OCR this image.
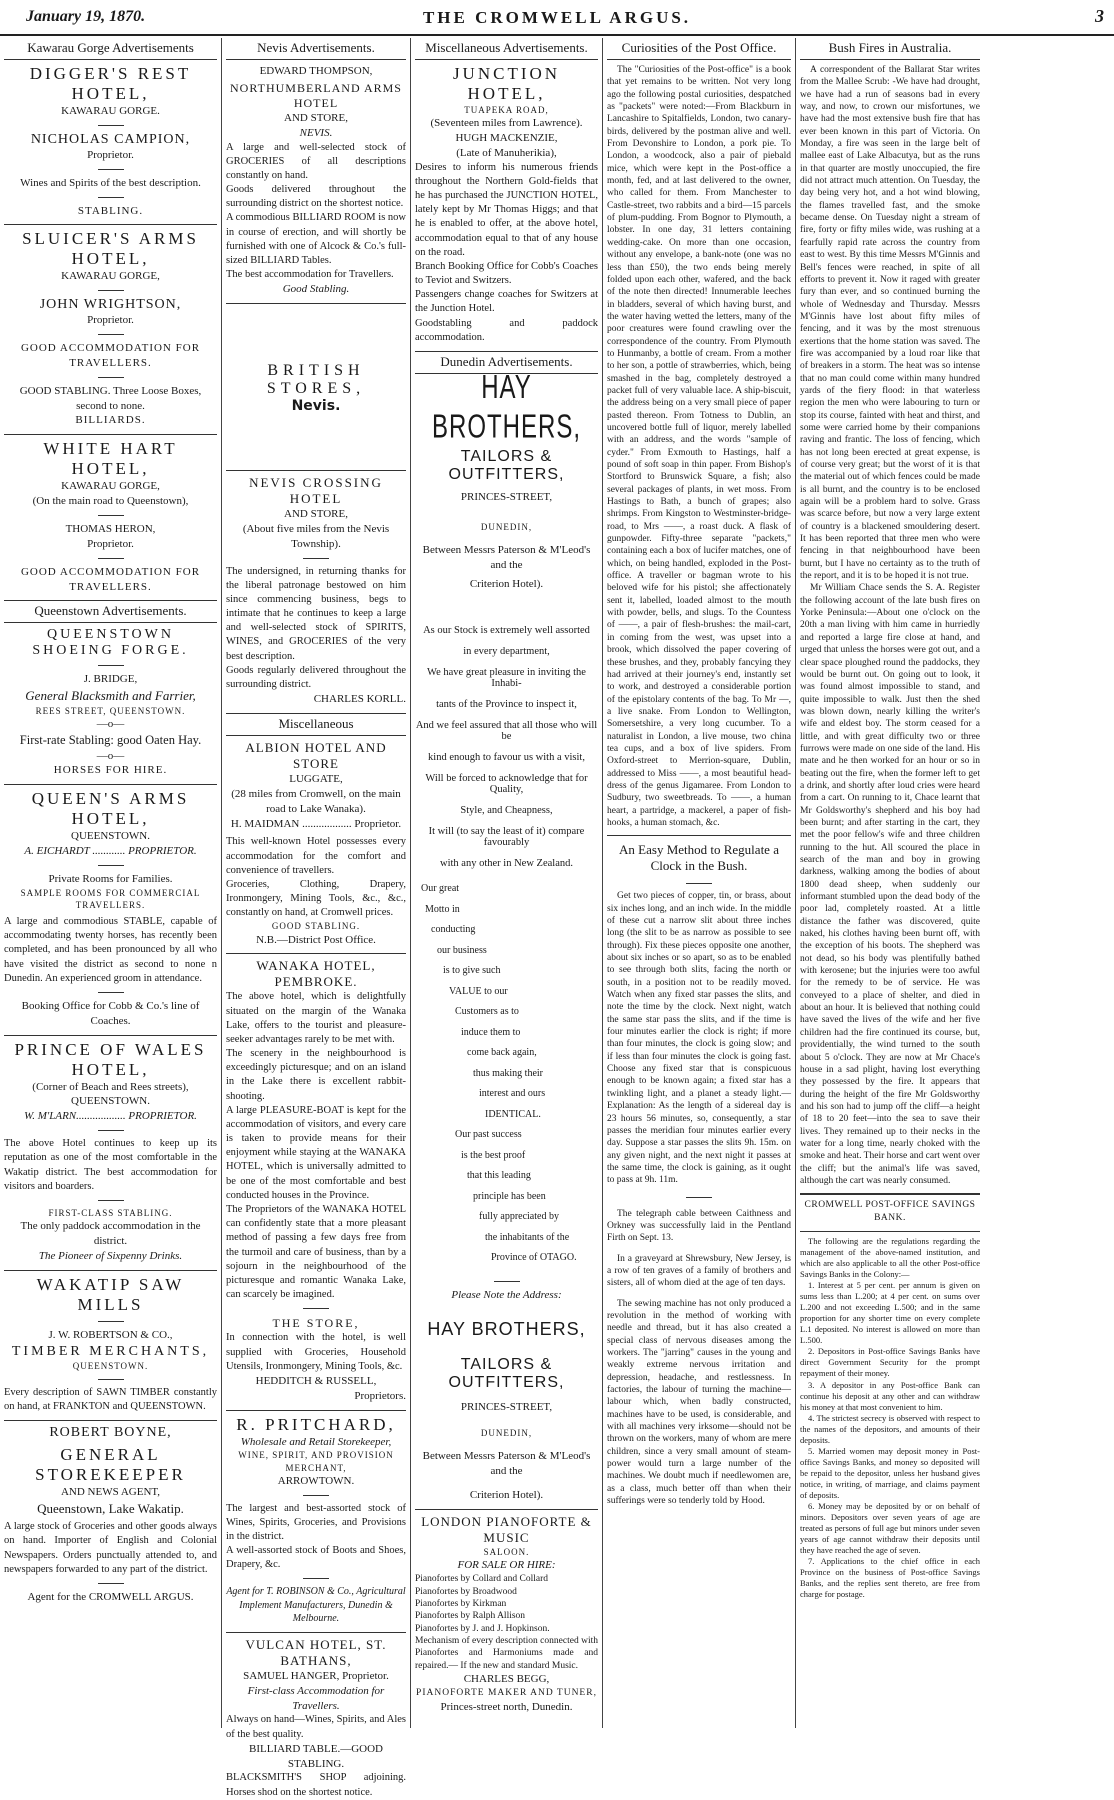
January 19, 1870.	THE CROMWELL ARGUS.	3
Kawarau Gorge Advertisements
DIGGER'S REST HOTEL,
KAWARAU GORGE.
NICHOLAS CAMPION,
Proprietor.
Wines and Spirits of the best description.
STABLING.
SLUICER'S ARMS HOTEL,
KAWARAU GORGE,
JOHN WRIGHTSON,
Proprietor.
GOOD ACCOMMODATION FOR TRAVELLERS.
GOOD STABLING. Three Loose Boxes, second to none.
BILLIARDS.
WHITE HART HOTEL,
KAWARAU GORGE,
(On the main road to Queenstown),
THOMAS HERON,
Proprietor.
GOOD ACCOMMODATION FOR TRAVELLERS.
Queenstown Advertisements.
QUEENSTOWN SHOEING FORGE.
J. BRIDGE,
General Blacksmith and Farrier,
REES STREET, QUEENSTOWN.
—o—
First-rate Stabling: good Oaten Hay.
—o—
HORSES FOR HIRE.
QUEEN'S ARMS HOTEL,
QUEENSTOWN.
A. EICHARDT ............ PROPRIETOR.
Private Rooms for Families.
SAMPLE ROOMS FOR COMMERCIAL TRAVELLERS.
A large and commodious STABLE, capable of accommodating twenty horses, has recently been completed, and has been pronounced by all who have visited the district as second to none n Dunedin. An experienced groom in attendance.
Booking Office for Cobb & Co.'s line of Coaches.
PRINCE OF WALES HOTEL,
(Corner of Beach and Rees streets),
QUEENSTOWN.
W. M'LARN.................. PROPRIETOR.
The above Hotel continues to keep up its reputation as one of the most comfortable in the Wakatip district. The best accommodation for visitors and boarders.
FIRST-CLASS STABLING.
The only paddock accommodation in the district.
The Pioneer of Sixpenny Drinks.
WAKATIP SAW MILLS
J. W. ROBERTSON & CO.,
TIMBER MERCHANTS,
QUEENSTOWN.
Every description of SAWN TIMBER constantly on hand, at FRANKTON and QUEENSTOWN.
ROBERT BOYNE,
GENERAL STOREKEEPER
AND NEWS AGENT,
Queenstown, Lake Wakatip.
A large stock of Groceries and other goods always on hand. Importer of English and Colonial Newspapers. Orders punctually attended to, and newspapers forwarded to any part of the district.
Agent for the CROMWELL ARGUS.
Nevis Advertisements.
EDWARD THOMPSON,
NORTHUMBERLAND ARMS HOTEL
AND STORE,
NEVIS.
A large and well-selected stock of GROCERIES of all descriptions constantly on hand.
Goods delivered throughout the surrounding district on the shortest notice.
A commodious BILLIARD ROOM is now in course of erection, and will shortly be furnished with one of Alcock & Co.'s full-sized BILLIARD Tables.
The best accommodation for Travellers.
Good Stabling.
BRITISH STORES,
Nevis.
NEVIS CROSSING HOTEL
AND STORE,
(About five miles from the Nevis Township).
The undersigned, in returning thanks for the liberal patronage bestowed on him since commencing business, begs to intimate that he continues to keep a large and well-selected stock of SPIRITS, WINES, and GROCERIES of the very best description.
Goods regularly delivered throughout the surrounding district.
CHARLES KORLL.
Miscellaneous
ALBION HOTEL AND STORE
LUGGATE,
(28 miles from Cromwell, on the main road to Lake Wanaka).
H. MAIDMAN .................. Proprietor.
This well-known Hotel possesses every accommodation for the comfort and convenience of travellers.
Groceries, Clothing, Drapery, Ironmongery, Mining Tools, &c., &c., constantly on hand, at Cromwell prices.
GOOD STABLING.
N.B.—District Post Office.
WANAKA HOTEL, PEMBROKE.
The above hotel, which is delightfully situated on the margin of the Wanaka Lake, offers to the tourist and pleasure-seeker advantages rarely to be met with.
The scenery in the neighbourhood is exceedingly picturesque; and on an island in the Lake there is excellent rabbit-shooting.
A large PLEASURE-BOAT is kept for the accommodation of visitors, and every care is taken to provide means for their enjoyment while staying at the WANAKA HOTEL, which is universally admitted to be one of the most comfortable and best conducted houses in the Province.
The Proprietors of the WANAKA HOTEL can confidently state that a more pleasant method of passing a few days free from the turmoil and care of business, than by a sojourn in the neighbourhood of the picturesque and romantic Wanaka Lake, can scarcely be imagined.
THE STORE,
In connection with the hotel, is well supplied with Groceries, Household Utensils, Ironmongery, Mining Tools, &c.
HEDDITCH & RUSSELL,
Proprietors.
R. PRITCHARD,
Wholesale and Retail Storekeeper,
WINE, SPIRIT, AND PROVISION MERCHANT,
ARROWTOWN.
The largest and best-assorted stock of Wines, Spirits, Groceries, and Provisions in the district.
A well-assorted stock of Boots and Shoes, Drapery, &c.
Agent for T. ROBINSON & Co., Agricultural Implement Manufacturers, Dunedin & Melbourne.
VULCAN HOTEL, ST. BATHANS,
SAMUEL HANGER, Proprietor.
First-class Accommodation for Travellers.
Always on hand—Wines, Spirits, and Ales of the best quality.
BILLIARD TABLE.—GOOD STABLING.
BLACKSMITH'S SHOP adjoining. Horses shod on the shortest notice.
Miscellaneous Advertisements.
JUNCTION HOTEL,
TUAPEKA ROAD,
(Seventeen miles from Lawrence).
HUGH MACKENZIE,
(Late of Manuherikia),
Desires to inform his numerous friends throughout the Northern Gold-fields that he has purchased the JUNCTION HOTEL, lately kept by Mr Thomas Higgs; and that he is enabled to offer, at the above hotel, accommodation equal to that of any house on the road.
Branch Booking Office for Cobb's Coaches to Teviot and Switzers.
Passengers change coaches for Switzers at the Junction Hotel.
Goodstabling and paddock accommodation.
Dunedin Advertisements.
HAY BROTHERS,
TAILORS & OUTFITTERS,
PRINCES-STREET,
DUNEDIN,
Between Messrs Paterson & M'Leod's and the
Criterion Hotel).
As our Stock is extremely well assorted
in every department,
We have great pleasure in inviting the Inhabi-
tants of the Province to inspect it,
And we feel assured that all those who will be
kind enough to favour us with a visit,
Will be forced to acknowledge that for Quality,
Style, and Cheapness,
It will (to say the least of it) compare favourably
with any other in New Zealand.
Our great
Motto in
conducting
our business
is to give such
VALUE to our
Customers as to
induce them to
come back again,
thus making their
interest and ours
IDENTICAL.
Our past success
is the best proof
that this leading
principle has been
fully appreciated by
the inhabitants of the
Province of OTAGO.
Please Note the Address:
HAY BROTHERS,
TAILORS & OUTFITTERS,
PRINCES-STREET,
DUNEDIN,
Between Messrs Paterson & M'Leod's and the
Criterion Hotel).
LONDON PIANOFORTE & MUSIC
SALOON.
FOR SALE OR HIRE:
Pianofortes by Collard and Collard
Pianofortes by Broadwood
Pianofortes by Kirkman
Pianofortes by Ralph Allison
Pianofortes by J. and J. Hopkinson.
Mechanism of every description connected with Pianofortes and Harmoniums made and repaired.— If the new and standard Music.
CHARLES BEGG,
PIANOFORTE MAKER AND TUNER,
Princes-street north, Dunedin.
Curiosities of the Post Office.

The "Curiosities of the Post-office" is a book that yet remains to be written. Not very long ago the following postal curiosities, despatched as "packets" were noted:—From Blackburn in Lancashire to Spitalfields, London, two canary-birds, delivered by the postman alive and well. From Devonshire to London, a pork pie. To London, a woodcock, also a pair of piebald mice, which were kept in the Post-office a month, fed, and at last delivered to the owner, who called for them. From Manchester to Castle-street, two rabbits and a bird—15 parcels of plum-pudding. From Bognor to Plymouth, a lobster. In one day, 31 letters containing wedding-cake. On more than one occasion, without any envelope, a bank-note (one was no less than £50), the two ends being merely folded upon each other, wafered, and the back of the note then directed! Innumerable leeches in bladders, several of which having burst, and the water having wetted the letters, many of the poor creatures were found crawling over the correspondence of the country. From Plymouth to Hunmanby, a bottle of cream. From a mother to her son, a pottle of strawberries, which, being smashed in the bag, completely destroyed a packet full of very valuable lace. A ship-biscuit, the address being on a very small piece of paper pasted thereon. From Totness to Dublin, an uncovered bottle full of liquor, merely labelled with an address, and the words "sample of cyder." From Exmouth to Hastings, half a pound of soft soap in thin paper. From Bishop's Stortford to Brunswick Square, a fish; also several packages of plants, in wet moss. From Hastings to Bath, a bunch of grapes; also shrimps. From Kingston to Westminster-bridge-road, to Mrs ——, a roast duck. A flask of gunpowder. Fifty-three separate "packets," containing each a box of lucifer matches, one of which, on being handled, exploded in the Post-office. A traveller or bagman wrote to his beloved wife for his pistol; she affectionately sent it, labelled, loaded almost to the mouth with powder, bells, and slugs. To the Countess of ——, a pair of flesh-brushes: the mail-cart, in coming from the west, was upset into a brook, which dissolved the paper covering of these brushes, and they, probably fancying they had arrived at their journey's end, instantly set to work, and destroyed a considerable portion of the epistolary contents of the bag. To Mr —, a live snake. From London to Wellington, Somersetshire, a very long cucumber. To a naturalist in London, a live mouse, two china tea cups, and a box of live spiders. From Oxford-street to Merrion-square, Dublin, addressed to Miss ——, a most beautiful head-dress of the genus Jigamaree. From London to Sudbury, two sweetbreads. To ——, a human heart, a partridge, a mackerel, a paper of fish-hooks, a human stomach, &c.

An Easy Method to Regulate a Clock in the Bush.

Get two pieces of copper, tin, or brass, about six inches long, and an inch wide. In the middle of these cut a narrow slit about three inches long (the slit to be as narrow as possible to see through). Fix these pieces opposite one another, about six inches or so apart, so as to be enabled to see through both slits, facing the north or south, in a position not to be readily moved. Watch when any fixed star passes the slits, and note the time by the clock. Next night, watch the same star pass the slits, and if the time is four minutes earlier the clock is right; if more than four minutes, the clock is going slow; and if less than four minutes the clock is going fast. Choose any fixed star that is conspicuous enough to be known again; a fixed star has a twinkling light, and a planet a steady light.—Explanation: As the length of a sidereal day is 23 hours 56 minutes, so, consequently, a star passes the meridian four minutes earlier every day. Suppose a star passes the slits 9h. 15m. on any given night, and the next night it passes at the same time, the clock is gaining, as it ought to pass at 9h. 11m.

The telegraph cable between Caithness and Orkney was successfully laid in the Pentland Firth on Sept. 13.

In a graveyard at Shrewsbury, New Jersey, is a row of ten graves of a family of brothers and sisters, all of whom died at the age of ten days.

The sewing machine has not only produced a revolution in the method of working with needle and thread, but it has also created a special class of nervous diseases among the workers. The "jarring" causes in the young and weakly extreme nervous irritation and depression, headache, and restlessness. In factories, the labour of turning the machine—labour which, when badly constructed, machines have to be used, is considerable, and with all machines very irksome—should not be thrown on the workers, many of whom are mere children, since a very small amount of steam-power would turn a large number of the machines. We doubt much if needlewomen are, as a class, much better off than when their sufferings were so tenderly told by Hood.

Bush Fires in Australia.

A correspondent of the Ballarat Star writes from the Mallee Scrub: -We have had drought, we have had a run of seasons bad in every way, and now, to crown our misfortunes, we have had the most extensive bush fire that has ever been known in this part of Victoria. On Monday, a fire was seen in the large belt of mallee east of Lake Albacutya, but as the runs in that quarter are mostly unoccupied, the fire did not attract much attention. On Tuesday, the day being very hot, and a hot wind blowing, the flames travelled fast, and the smoke became dense. On Tuesday night a stream of fire, forty or fifty miles wide, was rushing at a fearfully rapid rate across the country from east to west. By this time Messrs M'Ginnis and Bell's fences were reached, in spite of all efforts to prevent it. Now it raged with greater fury than ever, and so continued burning the whole of Wednesday and Thursday. Messrs M'Ginnis have lost about fifty miles of fencing, and it was by the most strenuous exertions that the home station was saved. The fire was accompanied by a loud roar like that of breakers in a storm. The heat was so intense that no man could come within many hundred yards of the fiery flood: in that waterless region the men who were labouring to turn or stop its course, fainted with heat and thirst, and some were carried home by their companions raving and frantic. The loss of fencing, which has not long been erected at great expense, is of course very great; but the worst of it is that the material out of which fences could be made is all burnt, and the country is to be enclosed again will be a problem hard to solve. Grass was scarce before, but now a very large extent of country is a blackened smouldering desert. It has been reported that three men who were fencing in that neighbourhood have been burnt, but I have no certainty as to the truth of the report, and it is to be hoped it is not true.

Mr William Chace sends the S. A. Register the following account of the late bush fires on Yorke Peninsula:—About one o'clock on the 20th a man living with him came in hurriedly and reported a large fire close at hand, and urged that unless the horses were got out, and a clear space ploughed round the paddocks, they would be burnt out. On going out to look, it was found almost impossible to stand, and quite impossible to walk. Just then the shed was blown down, nearly killing the writer's wife and eldest boy. The storm ceased for a little, and with great difficulty two or three furrows were made on one side of the land. His mate and he then worked for an hour or so in beating out the fire, when the former left to get a drink, and shortly after loud cries were heard from a cart. On running to it, Chace learnt that Mr Goldsworthy's shepherd and his boy had been burnt; and after starting in the cart, they met the poor fellow's wife and three children running to the hut. All scoured the place in search of the man and boy in growing darkness, walking among the bodies of about 1800 dead sheep, when suddenly our informant stumbled upon the dead body of the poor lad, completely roasted. At a little distance the father was discovered, quite naked, his clothes having been burnt off, with the exception of his boots. The shepherd was not dead, so his body was plentifully bathed with kerosene; but the injuries were too awful for the remedy to be of service. He was conveyed to a place of shelter, and died in about an hour. It is believed that nothing could have saved the lives of the wife and her five children had the fire continued its course, but, providentially, the wind turned to the south about 5 o'clock. They are now at Mr Chace's house in a sad plight, having lost everything they possessed by the fire. It appears that during the height of the fire Mr Goldsworthy and his son had to jump off the cliff—a height of 18 to 20 feet—into the sea to save their lives. They remained up to their necks in the water for a long time, nearly choked with the smoke and heat. Their horse and cart went over the cliff; but the animal's life was saved, although the cart was nearly consumed.

CROMWELL POST-OFFICE SAVINGS BANK.

The following are the regulations regarding the management of the above-named institution, and which are also applicable to all the other Post-office Savings Banks in the Colony:—

1. Interest at 5 per cent. per annum is given on sums less than L.200; at 4 per cent. on sums over L.200 and not exceeding L.500; and in the same proportion for any shorter time on every complete L.1 deposited. No interest is allowed on more than L.500.

2. Depositors in Post-office Savings Banks have direct Government Security for the prompt repayment of their money.

3. A depositor in any Post-office Bank can continue his deposit at any other and can withdraw his money at that most convenient to him.

4. The strictest secrecy is observed with respect to the names of the depositors, and amounts of their deposits.

5. Married women may deposit money in Post-office Savings Banks, and money so deposited will be repaid to the depositor, unless her husband gives notice, in writing, of marriage, and claims payment of deposits.

6. Money may be deposited by or on behalf of minors. Depositors over seven years of age are treated as persons of full age but minors under seven years of age cannot withdraw their deposits until they have reached the age of seven.

7. Applications to the chief office in each Province on the business of Post-office Savings Banks, and the replies sent thereto, are free from charge for postage.
